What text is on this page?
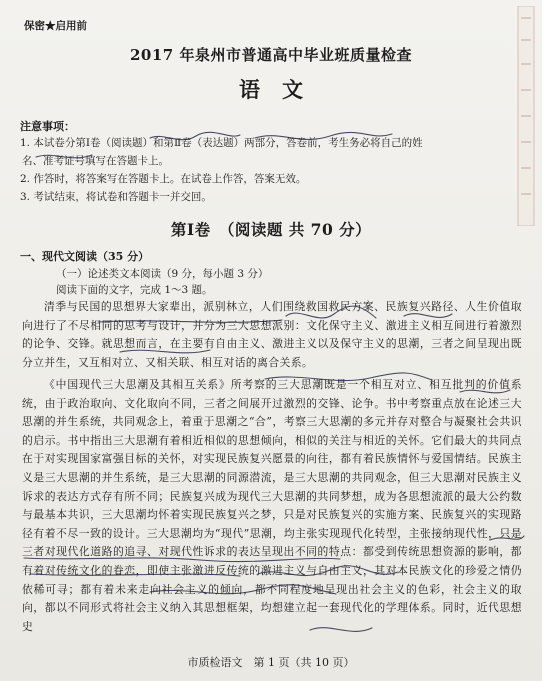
保密★启用前
2017 年泉州市普通高中毕业班质量检查
语文
注意事项：
1. 本试卷分第Ⅰ卷（阅读题）和第Ⅱ卷（表达题）两部分，答卷前，考生务必将自己的姓
名、准考证号填写在答题卡上。
2. 作答时，将答案写在答题卡上。在试卷上作答，答案无效。
3. 考试结束，将试卷和答题卡一并交回。
第Ⅰ卷　（阅读题 共 70 分）
一、现代文阅读（35 分）
（一）论述类文本阅读（9 分，每小题 3 分）
阅读下面的文字，完成 1～3 题。
清季与民国的思想界大家辈出，派别林立，人们围绕救国救民方案、民族复兴路径、人生价值取向进行了不尽相同的思考与设计，并分为三大思想派别：文化保守主义、激进主义相互间进行着激烈的论争、交锋。就思想而言，在主要有自由主义、激进主义以及保守主义的思潮，三者之间呈现出既分立并生，又互相对立、又相关联、相互对话的离合关系。
《中国现代三大思潮及其相互关系》所考察的三大思潮既是一个相互对立、相互批判的价值系统，由于政治取向、文化取向不同，三者之间展开过激烈的交锋、论争。书中考察重点放在论述三大思潮的并生系统，共同观念上，着重于思潮之“合”，考察三大思潮的多元并存对整合与凝聚社会共识的启示。书中指出三大思潮有着相近相似的思想倾向，相似的关注与相近的关怀。它们最大的共同点在于对实现国家富强目标的关怀，对实现民族复兴愿景的向往，都有着民族情怀与爱国情结。民族主义是三大思潮的并生系统，是三大思潮的同源潜流，是三大思潮的共同观念，但三大思潮对民族主义诉求的表达方式存有所不同；民族复兴成为现代三大思潮的共同梦想，成为各思想流派的最大公约数与最基本共识，三大思潮均怀着实现民族复兴之梦，只是对民族复兴的实施方案、民族复兴的实现路径有着不尽一致的设计。三大思潮均为“现代”思潮，均主张实现现代化转型，主张接纳现代性，只是三者对现代化道路的追寻、对现代性诉求的表达呈现出不同的特点：都受到传统思想资源的影响，都有着对传统文化的眷恋，即使主张激进反传统的激进主义与自由主义，其对本民族文化的珍爱之情仍依稀可寻；都有着未来走向社会主义的倾向，都不同程度地呈现出社会主义的色彩，社会主义的取向，都以不同形式将社会主义纳入其思想框架，均想建立起一套现代化的学理体系。同时，近代思想史
市质检语文　第 1 页（共 10 页）
